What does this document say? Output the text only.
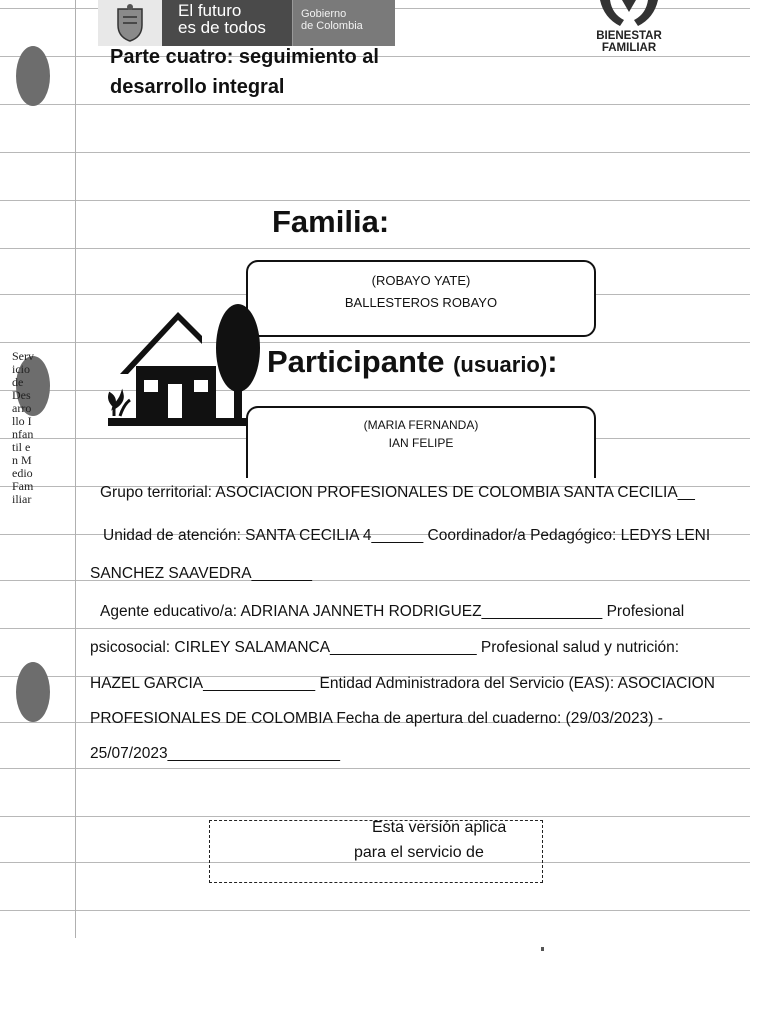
El futuro
es de todos
Gobierno
de Colombia
BIENESTAR
FAMILIAR
Parte cuatro: seguimiento al
desarrollo integral
Familia:
(ROBAYO YATE)
BALLESTEROS ROBAYO
Participante (usuario):
(MARIA FERNANDA)
IAN FELIPE
Servicio de Desarrollo Infantil en Medio Familiar	Grupo territorial: ASOCIACION PROFESIONALES DE COLOMBIA SANTA CECILIA__
Unidad de atención: SANTA CECILIA 4______ Coordinador/a Pedagógico: LEDYS LENI
SANCHEZ SAAVEDRA_______
Agente educativo/a: ADRIANA JANNETH RODRIGUEZ______________ Profesional
psicosocial: CIRLEY SALAMANCA_________________ Profesional salud y nutrición:
HAZEL GARCIA_____________ Entidad Administradora del Servicio (EAS): ASOCIACION
PROFESIONALES DE COLOMBIA Fecha de apertura del cuaderno: (29/03/2023) -
25/07/2023____________________
Esta versión aplica
para el servicio de
